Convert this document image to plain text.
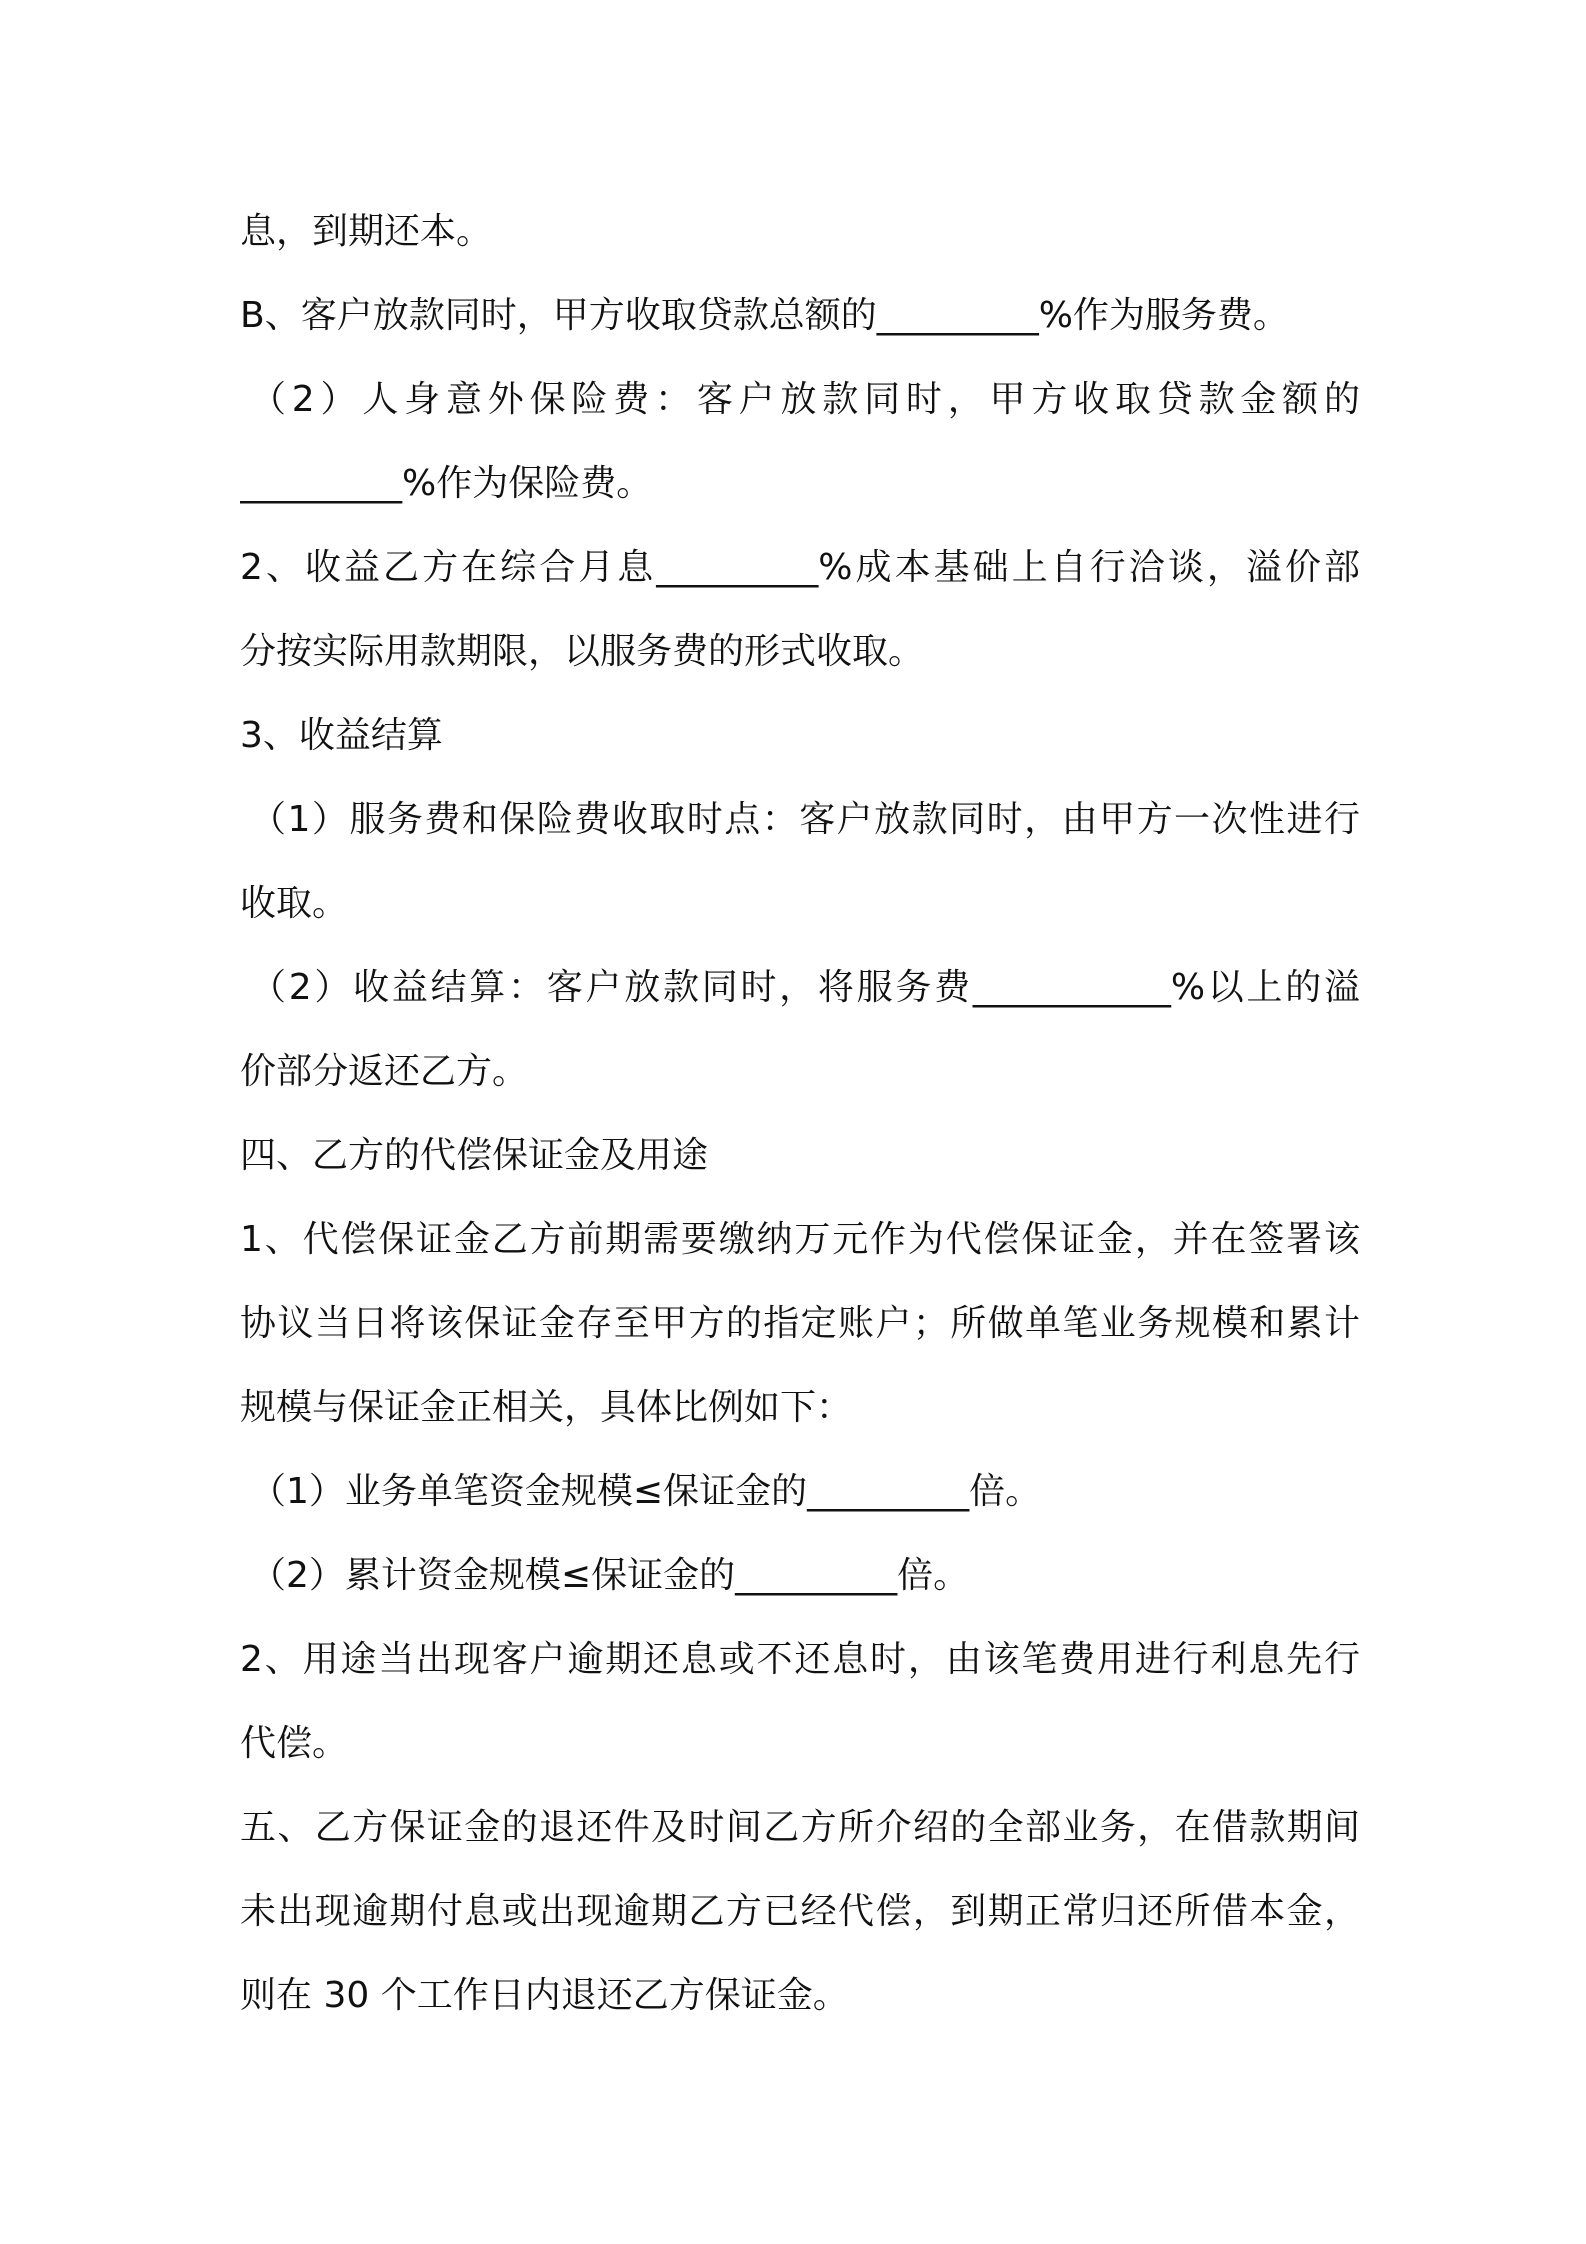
息，到期还本。

B、客户放款同时，甲方收取贷款总额的_________%作为服务费。

（2）人身意外保险费：客户放款同时，甲方收取贷款金额的

_________%作为保险费。

2、收益乙方在综合月息_________%成本基础上自行洽谈，溢价部

分按实际用款期限，以服务费的形式收取。

3、收益结算

（1）服务费和保险费收取时点：客户放款同时，由甲方一次性进行

收取。

（2）收益结算：客户放款同时，将服务费___________%以上的溢

价部分返还乙方。

四、乙方的代偿保证金及用途

1、代偿保证金乙方前期需要缴纳万元作为代偿保证金，并在签署该

协议当日将该保证金存至甲方的指定账户；所做单笔业务规模和累计

规模与保证金正相关，具体比例如下：

（1）业务单笔资金规模≤保证金的_________倍。

（2）累计资金规模≤保证金的_________倍。

2、用途当出现客户逾期还息或不还息时，由该笔费用进行利息先行

代偿。

五、乙方保证金的退还件及时间乙方所介绍的全部业务，在借款期间

未出现逾期付息或出现逾期乙方已经代偿，到期正常归还所借本金，

则在 30 个工作日内退还乙方保证金。
